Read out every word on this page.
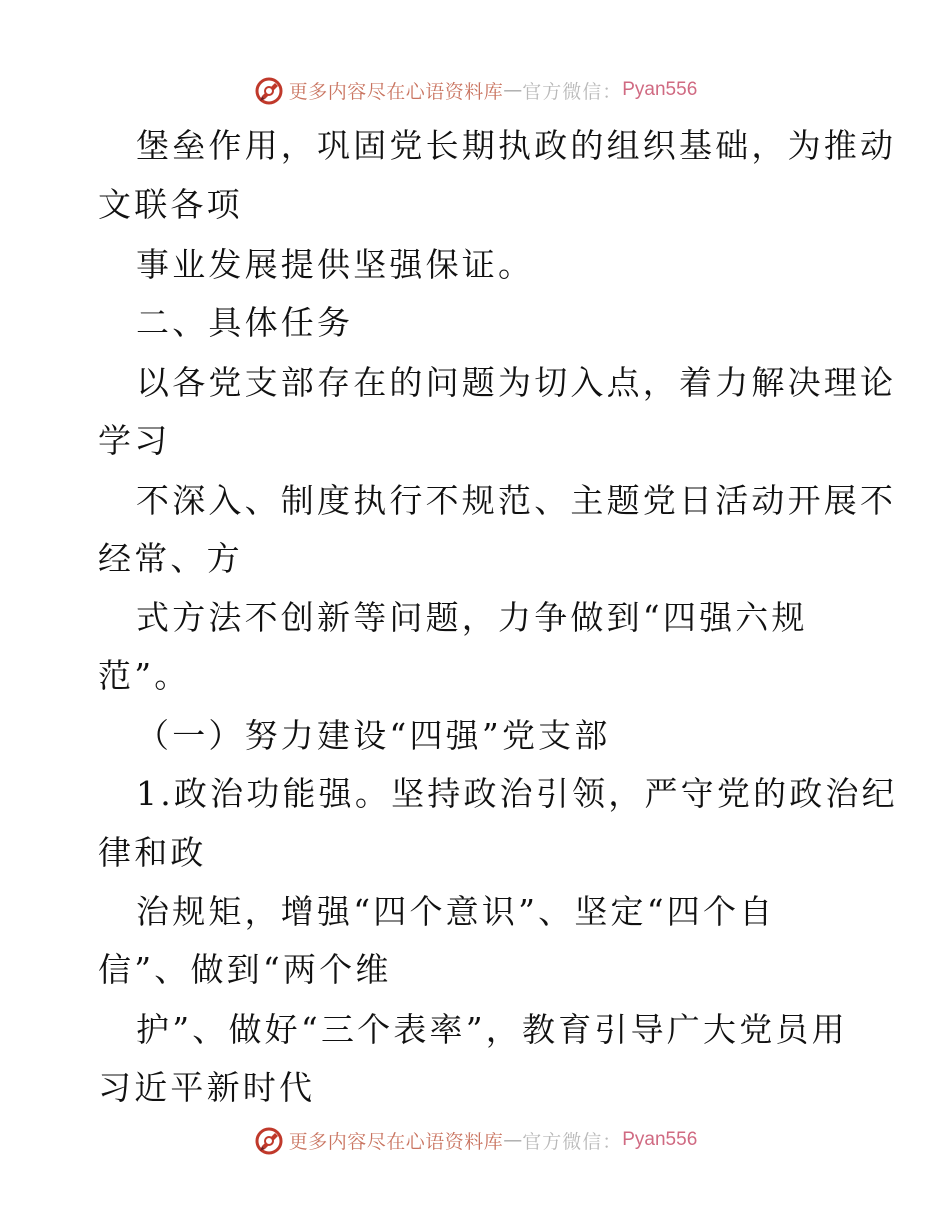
更多内容尽在心语资料库 — 官方微信： Pyan556
堡垒作用，巩固党长期执政的组织基础，为推动
文联各项
事业发展提供坚强保证。
二、具体任务
以各党支部存在的问题为切入点，着力解决理论
学习
不深入、制度执行不规范、主题党日活动开展不
经常、方
式方法不创新等问题，力争做到“四强六规
范”。
（一）努力建设“四强”党支部
1.政治功能强。坚持政治引领，严守党的政治纪
律和政
治规矩，增强“四个意识”、坚定“四个自
信”、做到“两个维
护”、做好“三个表率”，教育引导广大党员用
习近平新时代
更多内容尽在心语资料库 — 官方微信： Pyan556
